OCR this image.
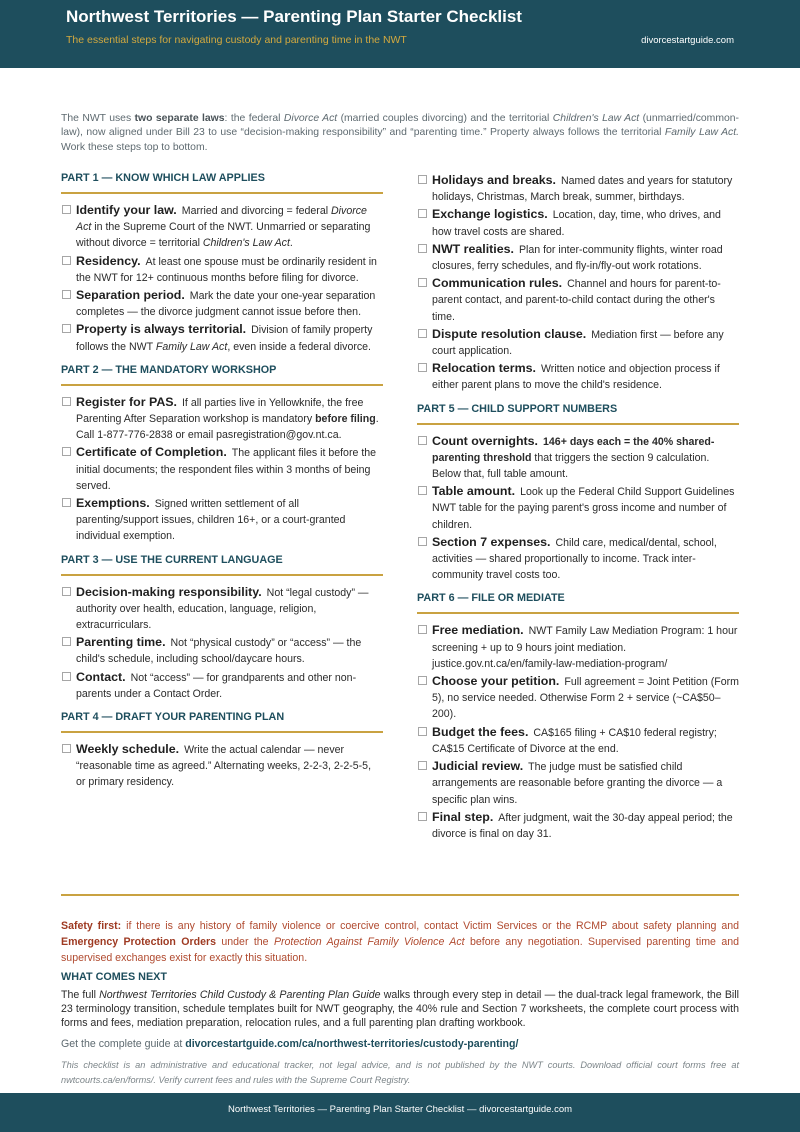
Northwest Territories — Parenting Plan Starter Checklist
The essential steps for navigating custody and parenting time in the NWT	divorcestartguide.com
The NWT uses two separate laws: the federal Divorce Act (married couples divorcing) and the territorial Children's Law Act (unmarried/common-law), now aligned under Bill 23 to use “decision-making responsibility” and “parenting time.” Property always follows the territorial Family Law Act. Work these steps top to bottom.
PART 1 — KNOW WHICH LAW APPLIES
Identify your law. Married and divorcing = federal Divorce Act in the Supreme Court of the NWT. Unmarried or separating without divorce = territorial Children's Law Act.
Residency. At least one spouse must be ordinarily resident in the NWT for 12+ continuous months before filing for divorce.
Separation period. Mark the date your one-year separation completes — the divorce judgment cannot issue before then.
Property is always territorial. Division of family property follows the NWT Family Law Act, even inside a federal divorce.
PART 2 — THE MANDATORY WORKSHOP
Register for PAS. If all parties live in Yellowknife, the free Parenting After Separation workshop is mandatory before filing. Call 1-877-776-2838 or email pasregistration@gov.nt.ca.
Certificate of Completion. The applicant files it before the initial documents; the respondent files within 3 months of being served.
Exemptions. Signed written settlement of all parenting/support issues, children 16+, or a court-granted individual exemption.
PART 3 — USE THE CURRENT LANGUAGE
Decision-making responsibility. Not “legal custody” — authority over health, education, language, religion, extracurriculars.
Parenting time. Not “physical custody” or “access” — the child's schedule, including school/daycare hours.
Contact. Not “access” — for grandparents and other non-parents under a Contact Order.
PART 4 — DRAFT YOUR PARENTING PLAN
Weekly schedule. Write the actual calendar — never “reasonable time as agreed.” Alternating weeks, 2-2-3, 2-2-5-5, or primary residency.
Holidays and breaks. Named dates and years for statutory holidays, Christmas, March break, summer, birthdays.
Exchange logistics. Location, day, time, who drives, and how travel costs are shared.
NWT realities. Plan for inter-community flights, winter road closures, ferry schedules, and fly-in/fly-out work rotations.
Communication rules. Channel and hours for parent-to-parent contact, and parent-to-child contact during the other's time.
Dispute resolution clause. Mediation first — before any court application.
Relocation terms. Written notice and objection process if either parent plans to move the child's residence.
PART 5 — CHILD SUPPORT NUMBERS
Count overnights. 146+ days each = the 40% shared-parenting threshold that triggers the section 9 calculation. Below that, full table amount.
Table amount. Look up the Federal Child Support Guidelines NWT table for the paying parent's gross income and number of children.
Section 7 expenses. Child care, medical/dental, school, activities — shared proportionally to income. Track inter-community travel costs too.
PART 6 — FILE OR MEDIATE
Free mediation. NWT Family Law Mediation Program: 1 hour screening + up to 9 hours joint mediation. justice.gov.nt.ca/en/family-law-mediation-program/
Choose your petition. Full agreement = Joint Petition (Form 5), no service needed. Otherwise Form 2 + service (~CA$50–200).
Budget the fees. CA$165 filing + CA$10 federal registry; CA$15 Certificate of Divorce at the end.
Judicial review. The judge must be satisfied child arrangements are reasonable before granting the divorce — a specific plan wins.
Final step. After judgment, wait the 30-day appeal period; the divorce is final on day 31.
Safety first: if there is any history of family violence or coercive control, contact Victim Services or the RCMP about safety planning and Emergency Protection Orders under the Protection Against Family Violence Act before any negotiation. Supervised parenting time and supervised exchanges exist for exactly this situation.
WHAT COMES NEXT
The full Northwest Territories Child Custody & Parenting Plan Guide walks through every step in detail — the dual-track legal framework, the Bill 23 terminology transition, schedule templates built for NWT geography, the 40% rule and Section 7 worksheets, the complete court process with forms and fees, mediation preparation, relocation rules, and a full parenting plan drafting workbook.
Get the complete guide at divorcestartguide.com/ca/northwest-territories/custody-parenting/
This checklist is an administrative and educational tracker, not legal advice, and is not published by the NWT courts. Download official court forms free at nwtcourts.ca/en/forms/. Verify current fees and rules with the Supreme Court Registry.
Northwest Territories — Parenting Plan Starter Checklist — divorcestartguide.com
